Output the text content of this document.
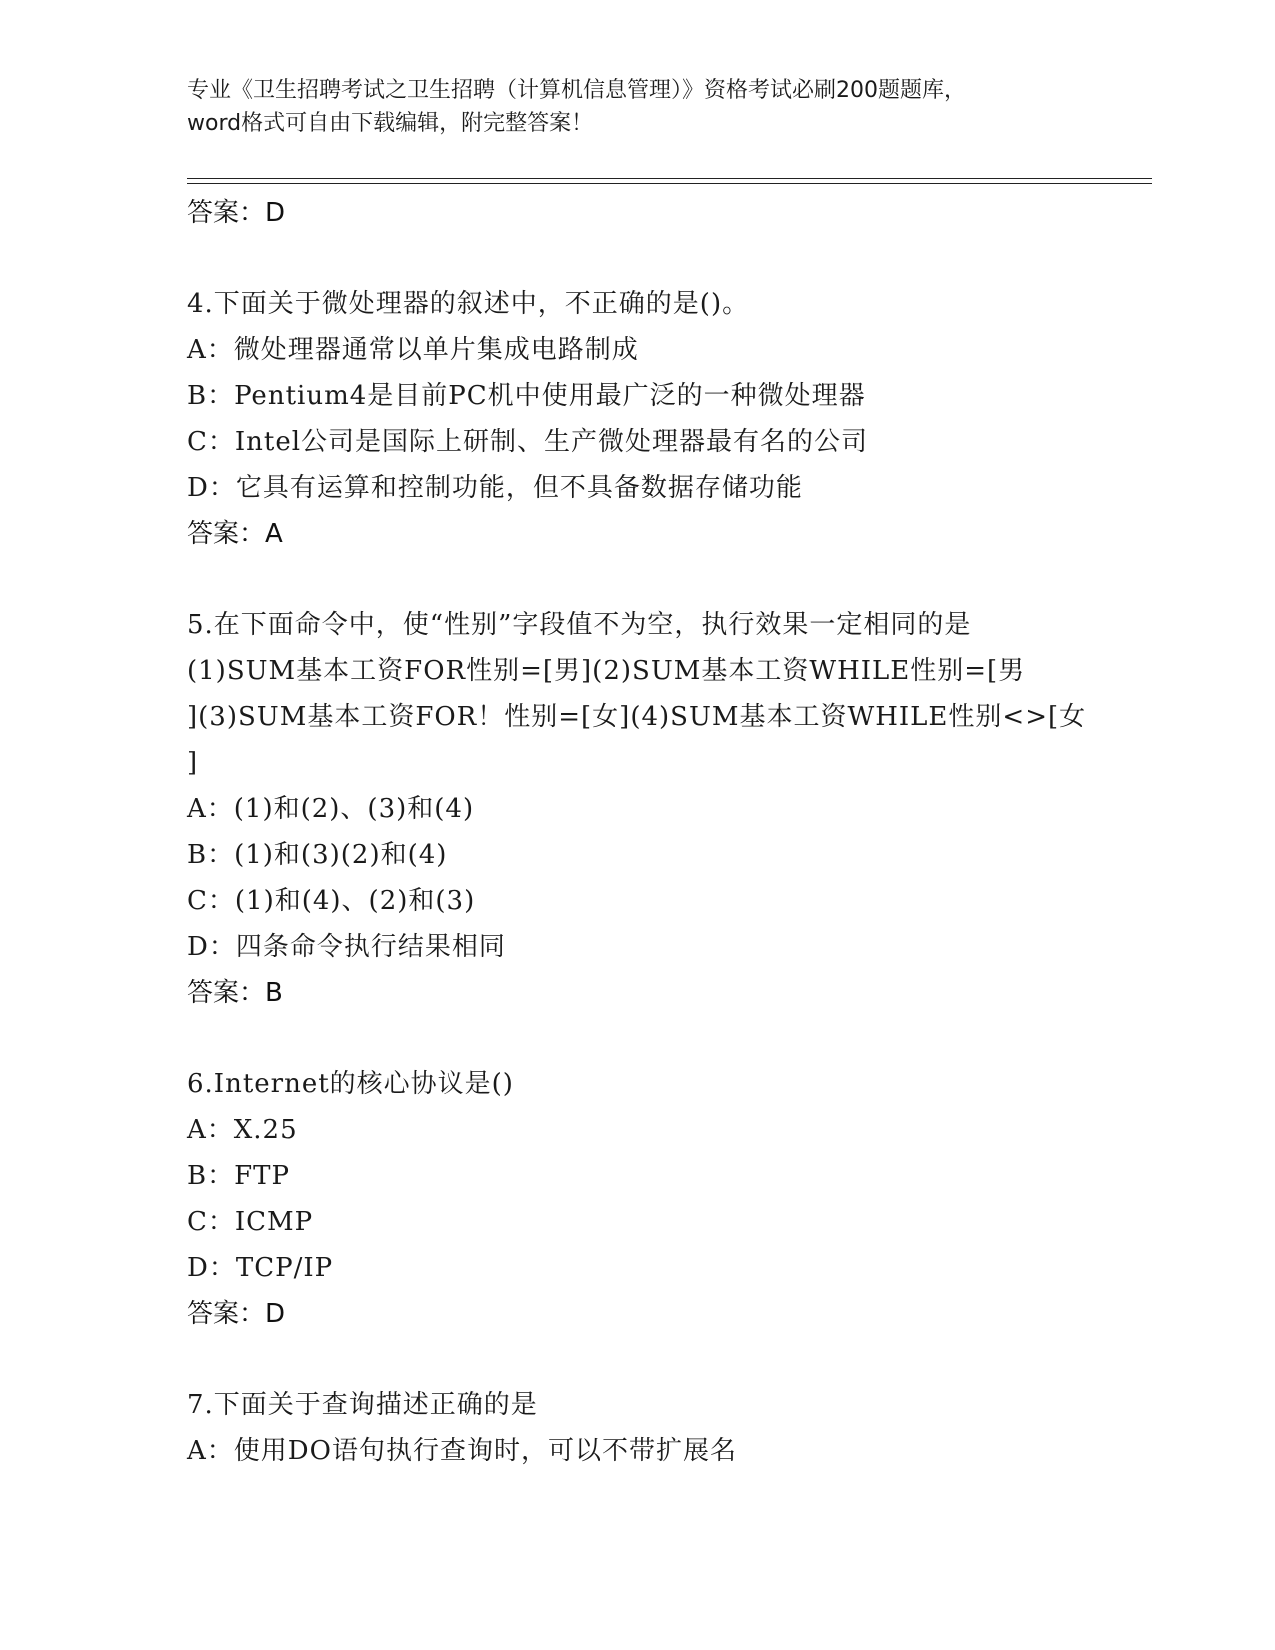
专业《卫生招聘考试之卫生招聘（计算机信息管理）》资格考试必刷200题题库，
word格式可自由下载编辑，附完整答案！
答案：D
4.下面关于微处理器的叙述中，不正确的是()。
A：微处理器通常以单片集成电路制成
B：Pentium4是目前PC机中使用最广泛的一种微处理器
C：Intel公司是国际上研制、生产微处理器最有名的公司
D：它具有运算和控制功能，但不具备数据存储功能
答案：A
5.在下面命令中，使“性别”字段值不为空，执行效果一定相同的是
(1)SUM基本工资FOR性别=[男](2)SUM基本工资WHILE性别=[男
](3)SUM基本工资FOR！性别=[女](4)SUM基本工资WHILE性别<>[女
]
A：(1)和(2)、(3)和(4)
B：(1)和(3)(2)和(4)
C：(1)和(4)、(2)和(3)
D：四条命令执行结果相同
答案：B
6.Internet的核心协议是()
A：X.25
B：FTP
C：ICMP
D：TCP/IP
答案：D
7.下面关于查询描述正确的是
A：使用DO语句执行查询时，可以不带扩展名
